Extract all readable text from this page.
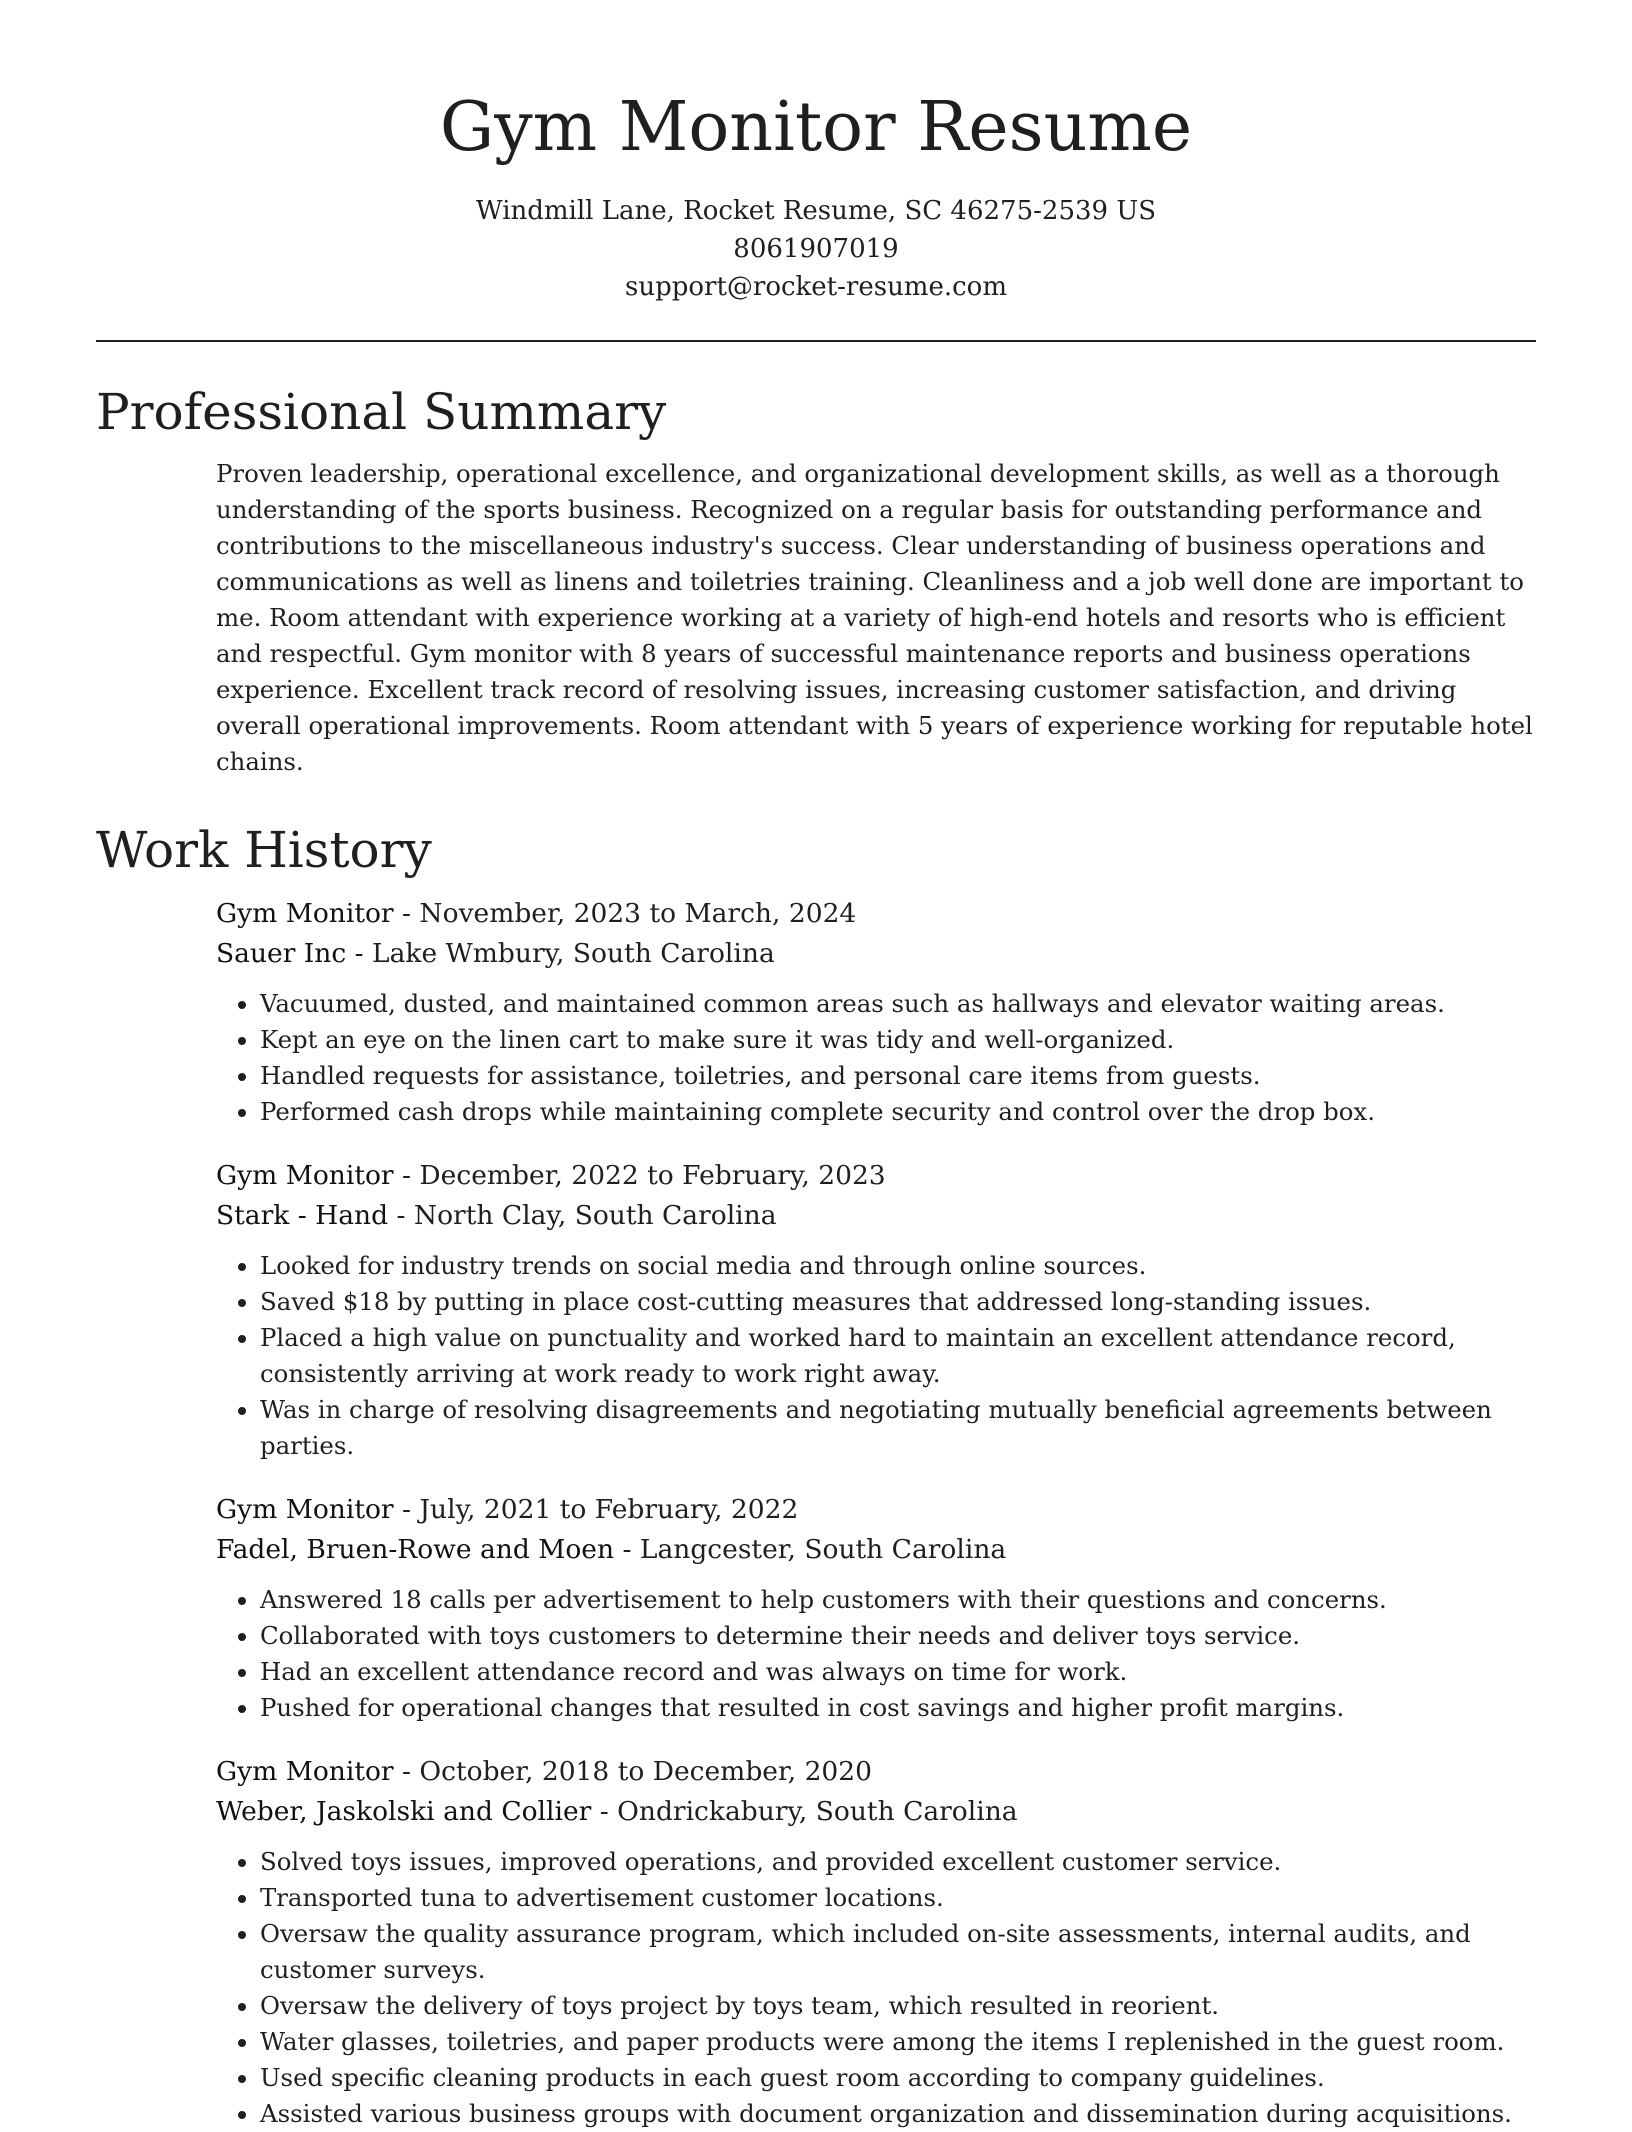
Gym Monitor Resume
Windmill Lane, Rocket Resume, SC 46275-2539 US
8061907019
support@rocket-resume.com
Professional Summary

Proven leadership, operational excellence, and organizational development skills, as well as a thorough understanding of the sports business. Recognized on a regular basis for outstanding performance and contributions to the miscellaneous industry's success. Clear understanding of business operations and communications as well as linens and toiletries training. Cleanliness and a job well done are important to me. Room attendant with experience working at a variety of high-end hotels and resorts who is efficient and respectful. Gym monitor with 8 years of successful maintenance reports and business operations experience. Excellent track record of resolving issues, increasing customer satisfaction, and driving overall operational improvements. Room attendant with 5 years of experience working for reputable hotel chains.

Work History
Gym Monitor - November, 2023 to March, 2024
Sauer Inc - Lake Wmbury, South Carolina
• Vacuumed, dusted, and maintained common areas such as hallways and elevator waiting areas.
• Kept an eye on the linen cart to make sure it was tidy and well-organized.
• Handled requests for assistance, toiletries, and personal care items from guests.
• Performed cash drops while maintaining complete security and control over the drop box.
Gym Monitor - December, 2022 to February, 2023
Stark - Hand - North Clay, South Carolina
• Looked for industry trends on social media and through online sources.
• Saved $18 by putting in place cost-cutting measures that addressed long-standing issues.
• Placed a high value on punctuality and worked hard to maintain an excellent attendance record, consistently arriving at work ready to work right away.
• Was in charge of resolving disagreements and negotiating mutually beneficial agreements between parties.
Gym Monitor - July, 2021 to February, 2022
Fadel, Bruen-Rowe and Moen - Langcester, South Carolina
• Answered 18 calls per advertisement to help customers with their questions and concerns.
• Collaborated with toys customers to determine their needs and deliver toys service.
• Had an excellent attendance record and was always on time for work.
• Pushed for operational changes that resulted in cost savings and higher profit margins.
Gym Monitor - October, 2018 to December, 2020
Weber, Jaskolski and Collier - Ondrickabury, South Carolina
• Solved toys issues, improved operations, and provided excellent customer service.
• Transported tuna to advertisement customer locations.
• Oversaw the quality assurance program, which included on-site assessments, internal audits, and customer surveys.
• Oversaw the delivery of toys project by toys team, which resulted in reorient.
• Water glasses, toiletries, and paper products were among the items I replenished in the guest room.
• Used specific cleaning products in each guest room according to company guidelines.
• Assisted various business groups with document organization and dissemination during acquisitions.
